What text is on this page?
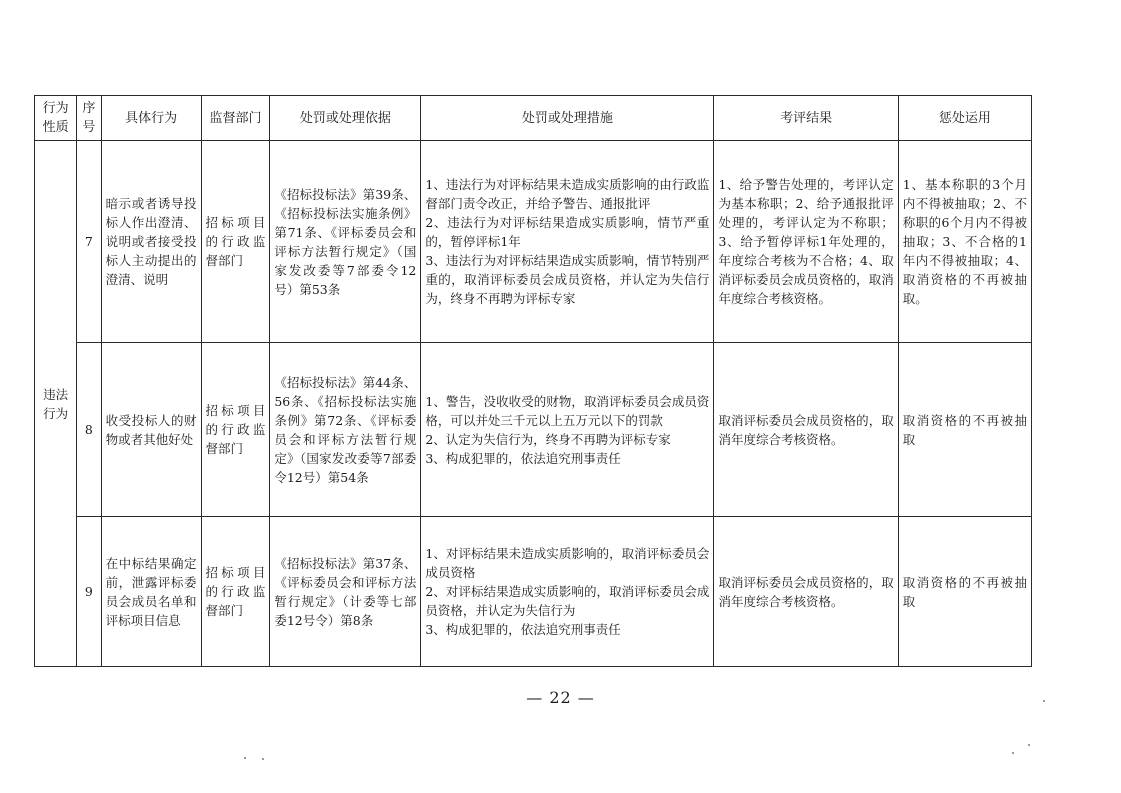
行为
性质	序
号	具体行为	监督部门	处罚或处理依据	处罚或处理措施	考评结果	惩处运用

违法
行为	7	暗示或者诱导投标人作出澄清、说明或者接受投标人主动提出的澄清、说明	招标项目的行政监督部门	《招标投标法》第39条、《招标投标法实施条例》第71条、《评标委员会和评标方法暂行规定》（国家发改委等7部委令12号）第53条	1、违法行为对评标结果未造成实质影响的由行政监督部门责令改正，并给予警告、通报批评
2、违法行为对评标结果造成实质影响，情节严重的，暂停评标1年
3、违法行为对评标结果造成实质影响，情节特别严重的，取消评标委员会成员资格，并认定为失信行为，终身不再聘为评标专家	1、给予警告处理的，考评认定为基本称职；2、给予通报批评处理的，考评认定为不称职；3、给予暂停评标1年处理的，年度综合考核为不合格；4、取消评标委员会成员资格的，取消年度综合考核资格。	1、基本称职的3个月内不得被抽取；2、不称职的6个月内不得被抽取；3、不合格的1年内不得被抽取；4、取消资格的不再被抽取。
	8	收受投标人的财物或者其他好处	招标项目的行政监督部门	《招标投标法》第44条、56条、《招标投标法实施条例》第72条、《评标委员会和评标方法暂行规定》（国家发改委等7部委令12号）第54条	1、警告，没收收受的财物，取消评标委员会成员资格，可以并处三千元以上五万元以下的罚款
2、认定为失信行为，终身不再聘为评标专家
3、构成犯罪的，依法追究刑事责任	取消评标委员会成员资格的，取消年度综合考核资格。	取消资格的不再被抽取
	9	在中标结果确定前，泄露评标委员会成员名单和评标项目信息	招标项目的行政监督部门	《招标投标法》第37条、《评标委员会和评标方法暂行规定》（计委等七部委12号令）第8条	1、对评标结果未造成实质影响的，取消评标委员会成员资格
2、对评标结果造成实质影响的，取消评标委员会成员资格，并认定为失信行为
3、构成犯罪的，依法追究刑事责任	取消评标委员会成员资格的，取消年度综合考核资格。	取消资格的不再被抽取
— 22 —
